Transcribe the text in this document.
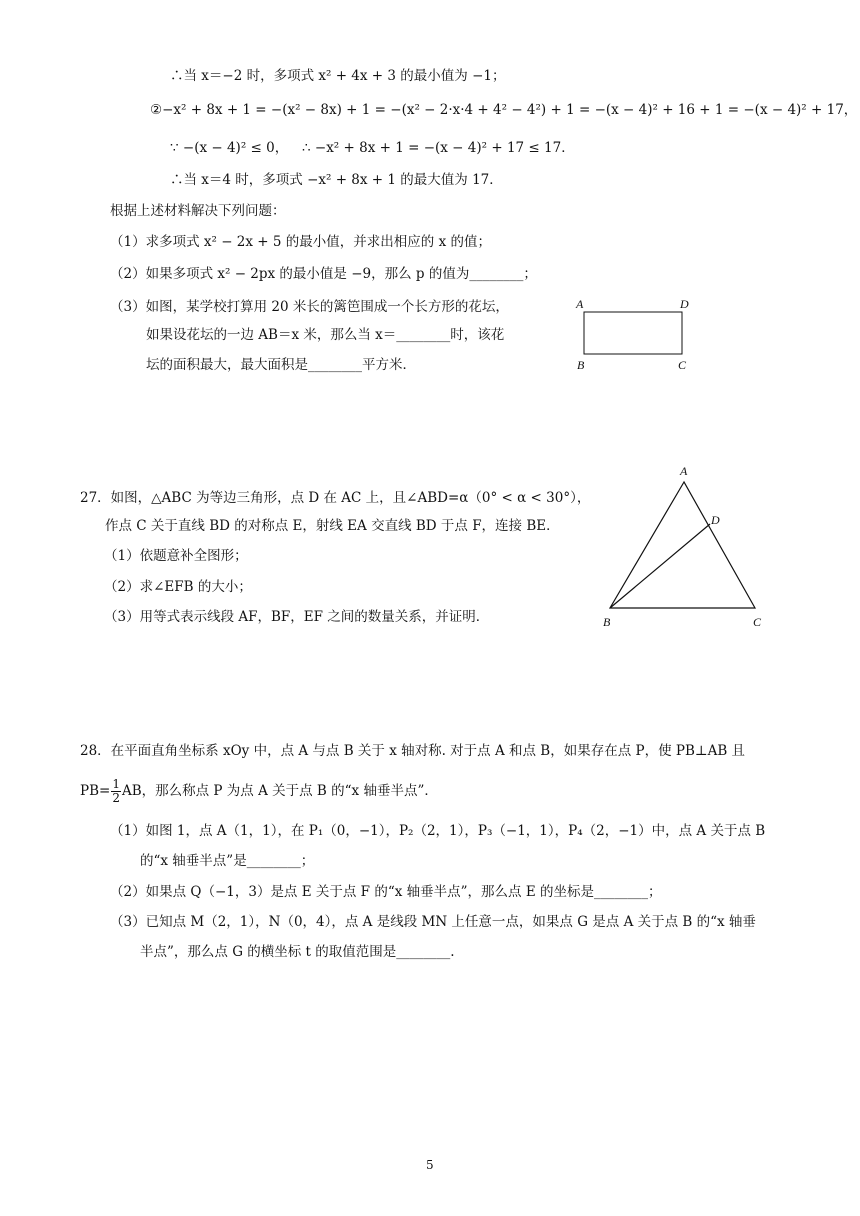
∴当 x＝−2 时，多项式 x² + 4x + 3 的最小值为 −1；
②−x² + 8x + 1 = −(x² − 8x) + 1 = −(x² − 2·x·4 + 4² − 4²) + 1 = −(x − 4)² + 16 + 1 = −(x − 4)² + 17，
∵ −(x − 4)² ≤ 0， ∴ −x² + 8x + 1 = −(x − 4)² + 17 ≤ 17．
∴当 x＝4 时，多项式 −x² + 8x + 1 的最大值为 17．
根据上述材料解决下列问题：
（1）求多项式 x² − 2x + 5 的最小值，并求出相应的 x 的值；
（2）如果多项式 x² − 2px 的最小值是 −9，那么 p 的值为________；
（3）如图，某学校打算用 20 米长的篱笆围成一个长方形的花坛，
如果设花坛的一边 AB＝x 米，那么当 x＝________时，该花
坛的面积最大，最大面积是________平方米．
A	D
B	C
27．如图，△ABC 为等边三角形，点 D 在 AC 上，且∠ABD=α（0° < α < 30°），
作点 C 关于直线 BD 的对称点 E，射线 EA 交直线 BD 于点 F，连接 BE．
（1）依题意补全图形；
（2）求∠EFB 的大小；
（3）用等式表示线段 AF，BF，EF 之间的数量关系，并证明．
A
D
B	C
28．在平面直角坐标系 xOy 中，点 A 与点 B 关于 x 轴对称. 对于点 A 和点 B，如果存在点 P，使 PB⊥AB 且
$PB= \frac{1}{2}$ AB，那么称点 P 为点 A 关于点 B 的“x 轴垂半点”．
（1）如图 1，点 A（1，1），在 P₁（0，−1），P₂（2，1），P₃（−1，1），P₄（2，−1）中，点 A 关于点 B
的“x 轴垂半点”是________；
（2）如果点 Q（−1，3）是点 E 关于点 F 的“x 轴垂半点”，那么点 E 的坐标是________；
（3）已知点 M（2，1），N（0，4），点 A 是线段 MN 上任意一点，如果点 G 是点 A 关于点 B 的“x 轴垂
半点”，那么点 G 的横坐标 t 的取值范围是________.
5
